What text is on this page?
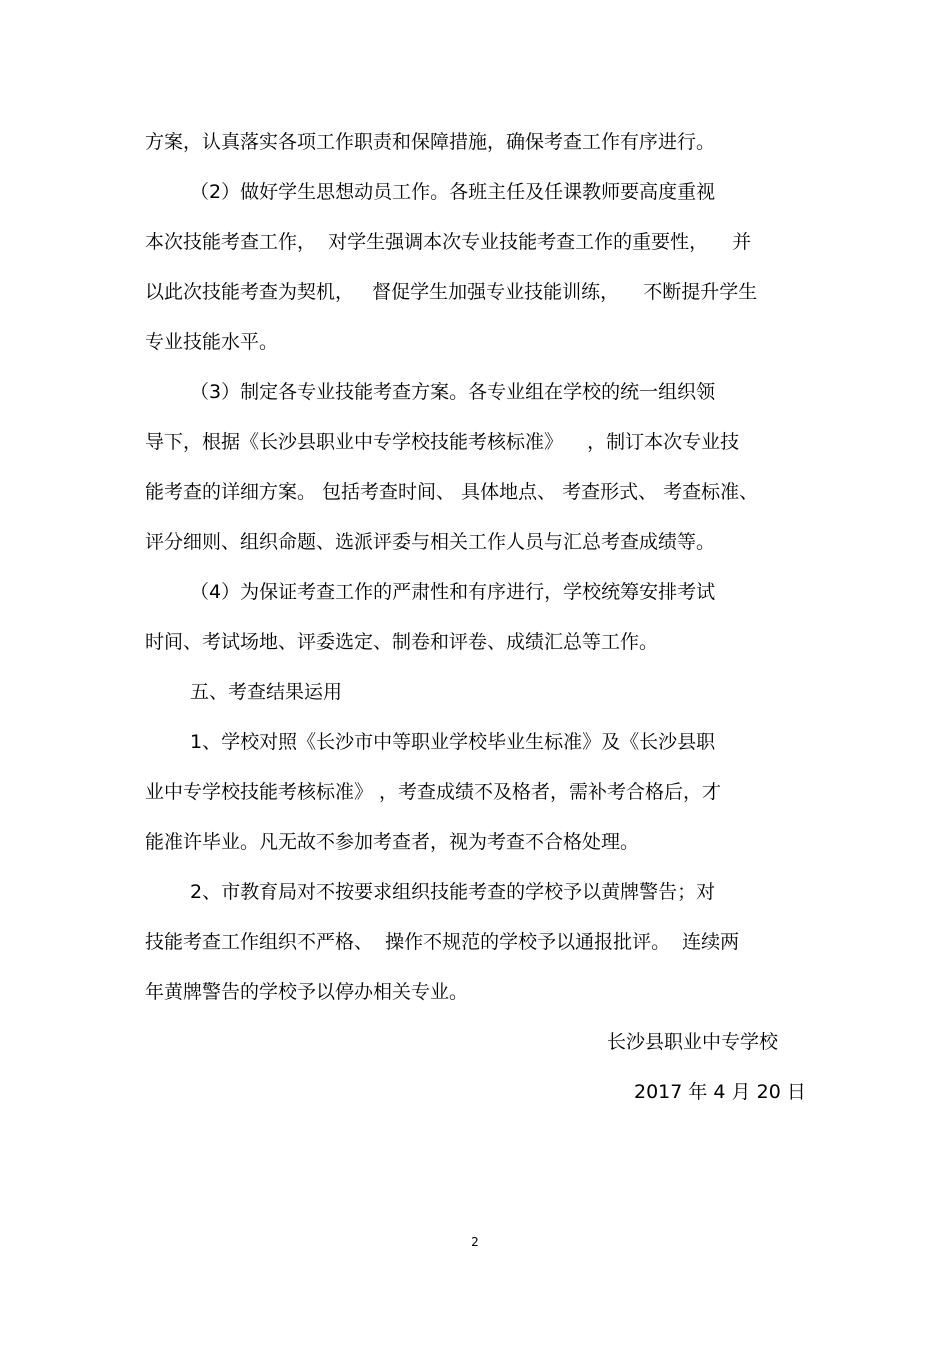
方案，认真落实各项工作职责和保障措施，确保考查工作有序进行。
（2）做好学生思想动员工作。各班主任及任课教师要高度重视
本次技能考查工作，  对学生强调本次专业技能考查工作的重要性，    并
以此次技能考查为契机，   督促学生加强专业技能训练，    不断提升学生
专业技能水平。
（3）制定各专业技能考查方案。各专业组在学校的统一组织领
导下，根据《长沙县职业中专学校技能考核标准》    ，制订本次专业技
能考查的详细方案。 包括考查时间、 具体地点、 考查形式、 考查标准、
评分细则、组织命题、选派评委与相关工作人员与汇总考查成绩等。
（4）为保证考查工作的严肃性和有序进行，学校统筹安排考试
时间、考试场地、评委选定、制卷和评卷、成绩汇总等工作。
五、考查结果运用
1、学校对照《长沙市中等职业学校毕业生标准》及《长沙县职
业中专学校技能考核标准》 ，考查成绩不及格者，需补考合格后，才
能准许毕业。凡无故不参加考查者，视为考查不合格处理。
2、市教育局对不按要求组织技能考查的学校予以黄牌警告；对
技能考查工作组织不严格、  操作不规范的学校予以通报批评。  连续两
年黄牌警告的学校予以停办相关专业。
长沙县职业中专学校
2017 年 4 月 20 日
2
